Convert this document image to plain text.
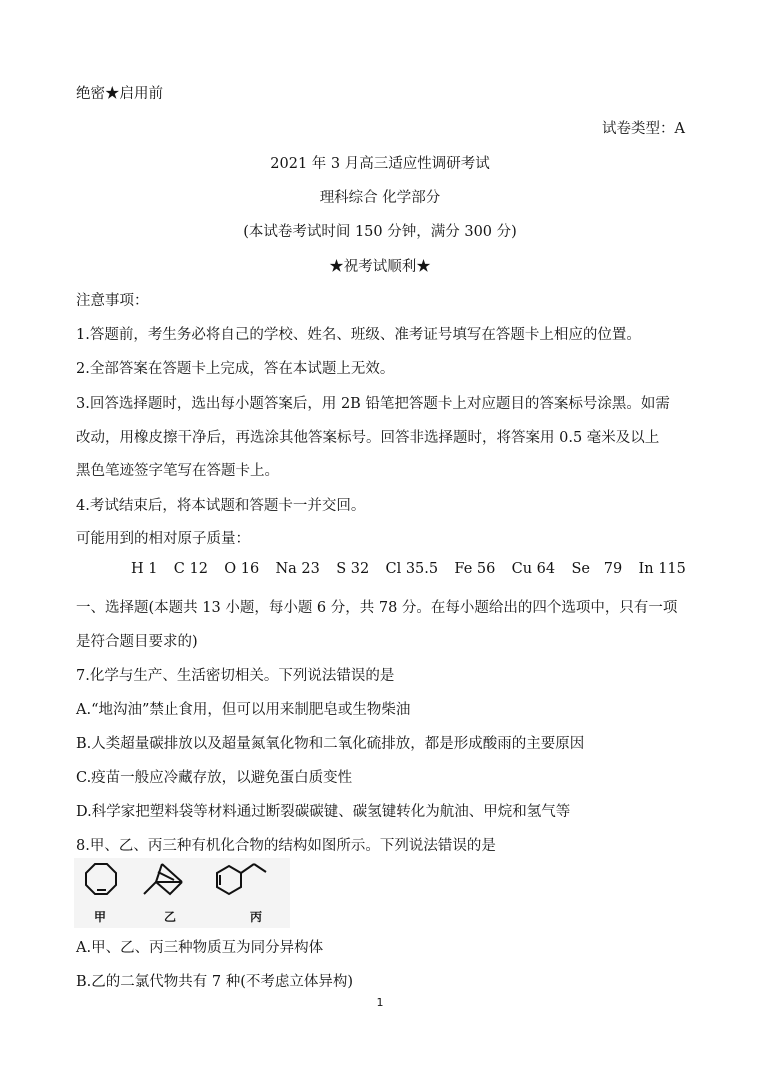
绝密★启用前
试卷类型：A
2021 年 3 月高三适应性调研考试
理科综合 化学部分
(本试卷考试时间 150 分钟，满分 300 分)
★祝考试顺利★
注意事项：
1.答题前，考生务必将自己的学校、姓名、班级、准考证号填写在答题卡上相应的位置。
2.全部答案在答题卡上完成，答在本试题上无效。
3.回答选择题时，选出每小题答案后，用 2B 铅笔把答题卡上对应题目的答案标号涂黑。如需
改动，用橡皮擦干净后，再选涂其他答案标号。回答非选择题时，将答案用 0.5 毫米及以上
黑色笔迹签字笔写在答题卡上。
4.考试结束后，将本试题和答题卡一并交回。
可能用到的相对原子质量：
H 1 C 12 O 16 Na 23 S 32 Cl 35.5 Fe 56 Cu 64 Se   79 In 115
一、选择题(本题共 13 小题，每小题 6 分，共 78 分。在每小题给出的四个选项中，只有一项
是符合题目要求的)
7.化学与生产、生活密切相关。下列说法错误的是
A.“地沟油”禁止食用，但可以用来制肥皂或生物柴油
B.人类超量碳排放以及超量氮氧化物和二氧化硫排放，都是形成酸雨的主要原因
C.疫苗一般应冷藏存放，以避免蛋白质变性
D.科学家把塑料袋等材料通过断裂碳碳键、碳氢键转化为航油、甲烷和氢气等
8.甲、乙、丙三种有机化合物的结构如图所示。下列说法错误的是
甲	乙	丙
A.甲、乙、丙三种物质互为同分异构体
B.乙的二氯代物共有 7 种(不考虑立体异构)
1
